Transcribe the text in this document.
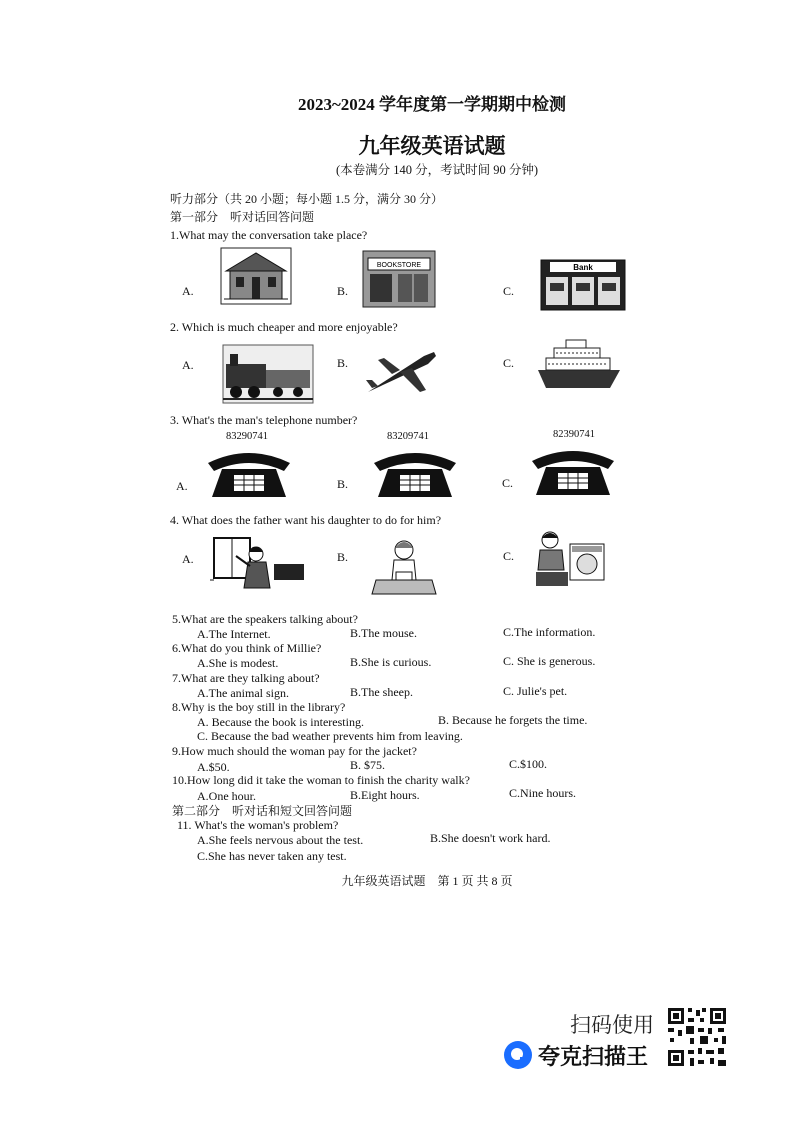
2023~2024 学年度第一学期期中检测
九年级英语试题
(本卷满分 140 分，考试时间 90 分钟)
听力部分（共 20 小题；每小题 1.5 分，满分 30 分）
第一部分　听对话回答问题
1.What may the conversation take place?
A.	B.	C.
BOOKSTORE	Bank
2. Which is much cheaper and more enjoyable?
A.	B.	C.
3. What's the man's telephone number?
83290741	83209741	82390741
A.	B.	C.
4. What does the father want his daughter to do for him?
A.	B.	C.
5.What are the speakers talking about?
A.The Internet.	B.The mouse.	C.The information.
6.What do you think of Millie?
A.She is modest.	B.She is curious.	C. She is generous.
7.What are they talking about?
A.The animal sign.	B.The sheep.	C. Julie's pet.
8.Why is the boy still in the library?
A. Because the book is interesting.	B. Because he forgets the time.
C. Because the bad weather prevents him from leaving.
9.How much should the woman pay for the jacket?
A.$50.	B. $75.	C.$100.
10.How long did it take the woman to finish the charity walk?
A.One hour.	B.Eight hours.	C.Nine hours.
第二部分　听对话和短文回答问题
11. What's the woman's problem?
A.She feels nervous about the test.	B.She doesn't work hard.
C.She has never taken any test.
九年级英语试题　第 1 页 共 8 页
扫码使用
夸克扫描王
